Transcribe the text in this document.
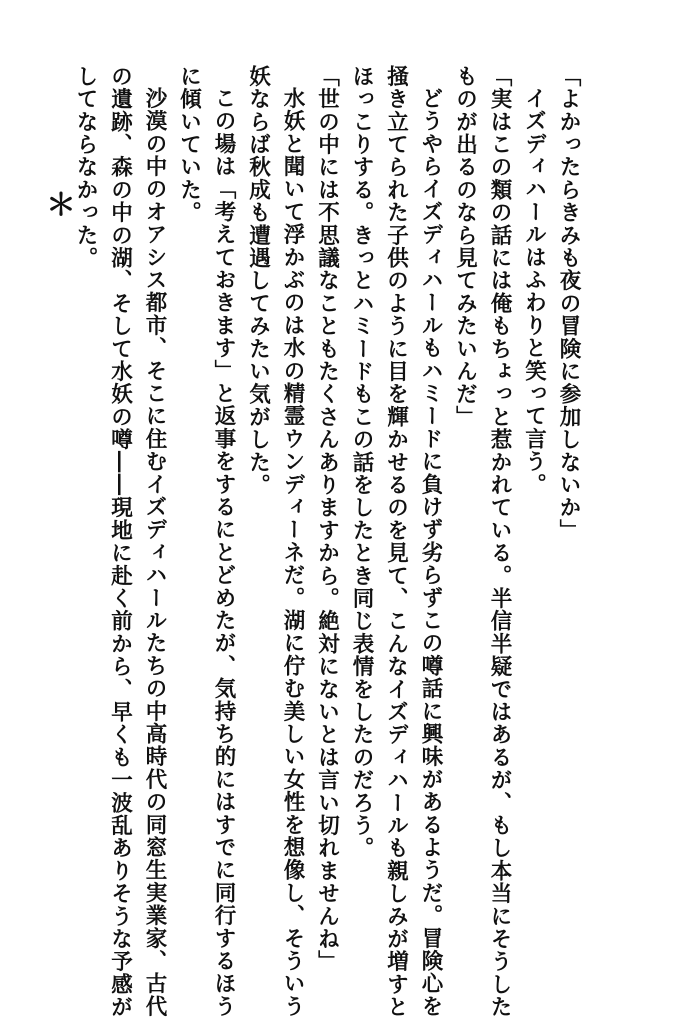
「よかったらきみも夜の冒険に参加しないか」
イズディハールはふわりと笑って言う。
「実はこの類の話には俺もちょっと惹かれている。半信半疑ではあるが、もし本当にそうした
ものが出るのなら見てみたいんだ」
どうやらイズディハールもハミードに負けず劣らずこの噂話に興味があるようだ。冒険心を
掻き立てられた子供のように目を輝かせるのを見て、こんなイズディハールも親しみが増すと
ほっこりする。きっとハミードもこの話をしたとき同じ表情をしたのだろう。
「世の中には不思議なこともたくさんありますから。絶対にないとは言い切れませんね」
水妖と聞いて浮かぶのは水の精霊ウンディーネだ。湖に佇む美しい女性を想像し、そういう
妖ならば秋成も遭遇してみたい気がした。
この場は「考えておきます」と返事をするにとどめたが、気持ち的にはすでに同行するほう
に傾いていた。
沙漠の中のオアシス都市、そこに住むイズディハールたちの中高時代の同窓生実業家、古代
の遺跡、森の中の湖、そして水妖の噂――現地に赴く前から、早くも一波乱ありそうな予感が
してならなかった。
＊
